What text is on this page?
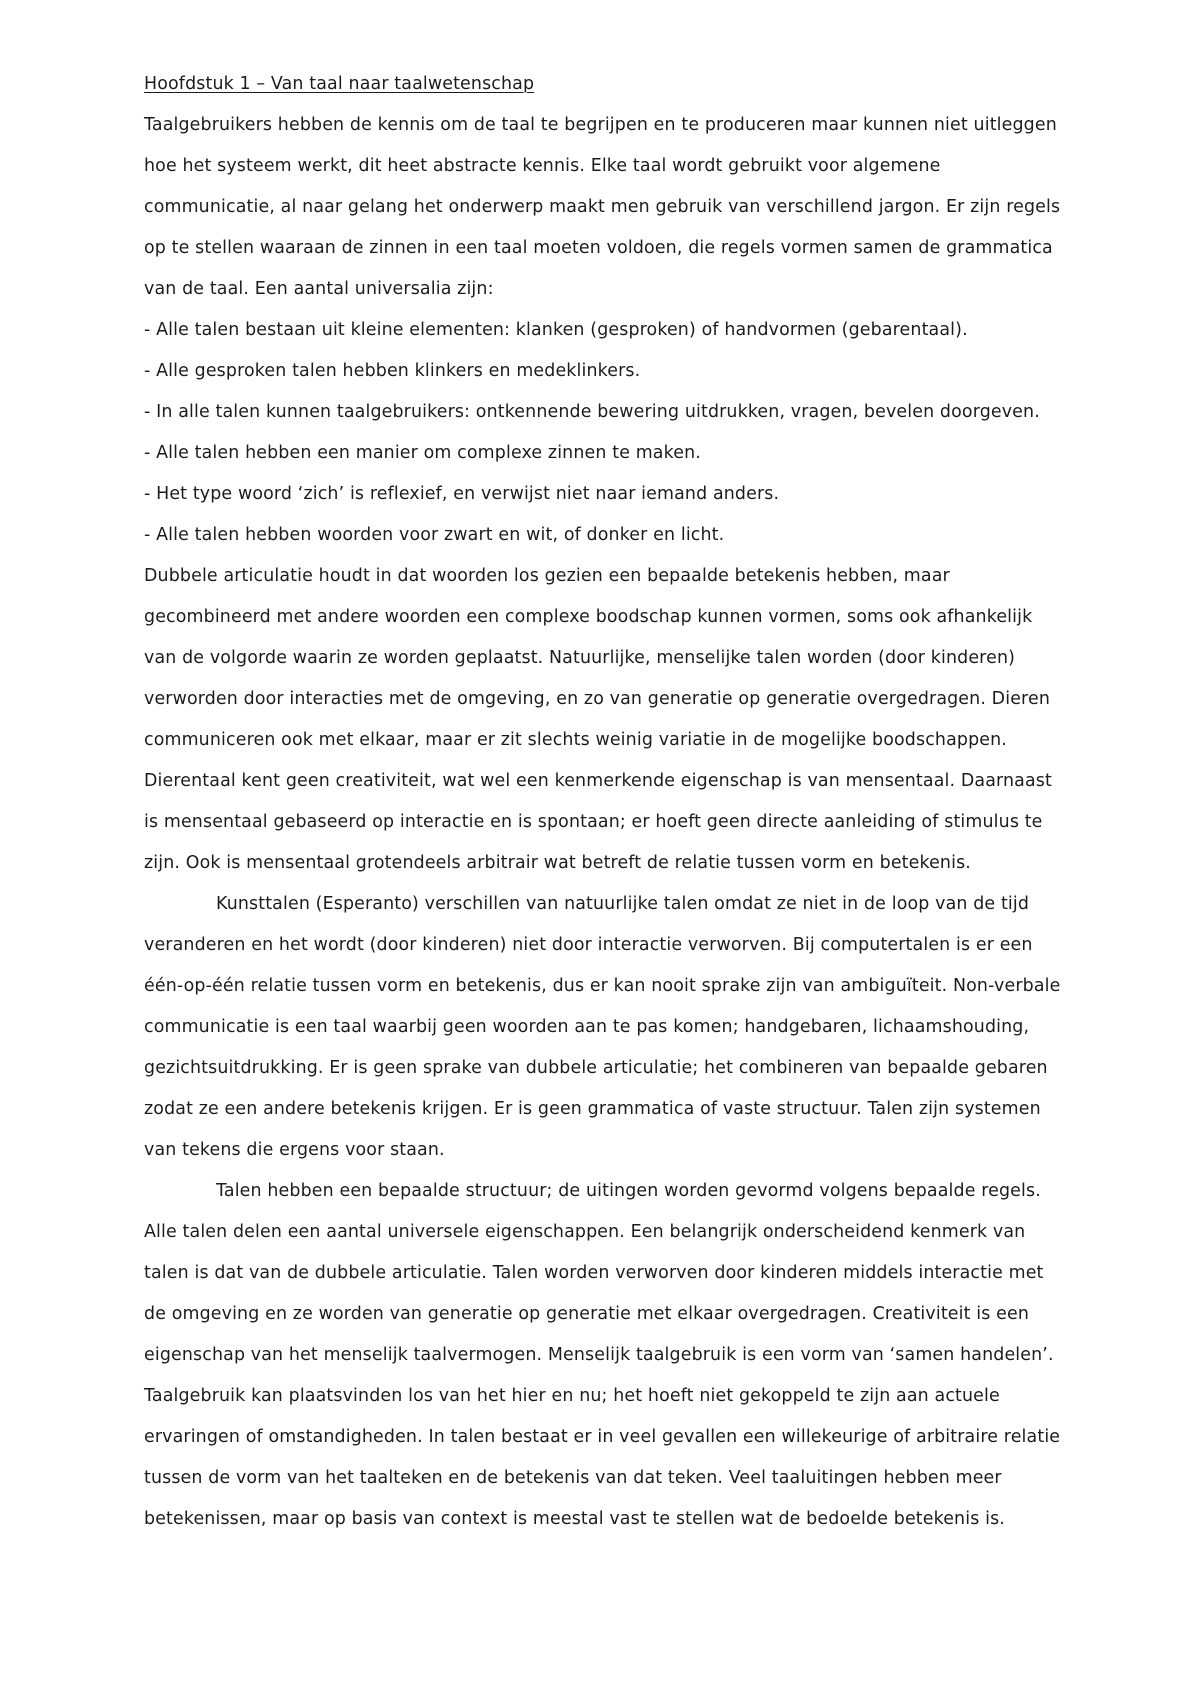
Hoofdstuk 1 – Van taal naar taalwetenschap

Taalgebruikers hebben de kennis om de taal te begrijpen en te produceren maar kunnen niet uitleggen hoe het systeem werkt, dit heet abstracte kennis. Elke taal wordt gebruikt voor algemene communicatie, al naar gelang het onderwerp maakt men gebruik van verschillend jargon. Er zijn regels op te stellen waaraan de zinnen in een taal moeten voldoen, die regels vormen samen de grammatica van de taal. Een aantal universalia zijn:

- Alle talen bestaan uit kleine elementen: klanken (gesproken) of handvormen (gebarentaal).
- Alle gesproken talen hebben klinkers en medeklinkers.
- In alle talen kunnen taalgebruikers: ontkennende bewering uitdrukken, vragen, bevelen doorgeven.
- Alle talen hebben een manier om complexe zinnen te maken.
- Het type woord ‘zich’ is reflexief, en verwijst niet naar iemand anders.
- Alle talen hebben woorden voor zwart en wit, of donker en licht.

Dubbele articulatie houdt in dat woorden los gezien een bepaalde betekenis hebben, maar gecombineerd met andere woorden een complexe boodschap kunnen vormen, soms ook afhankelijk van de volgorde waarin ze worden geplaatst. Natuurlijke, menselijke talen worden (door kinderen) verworden door interacties met de omgeving, en zo van generatie op generatie overgedragen. Dieren communiceren ook met elkaar, maar er zit slechts weinig variatie in de mogelijke boodschappen. Dierentaal kent geen creativiteit, wat wel een kenmerkende eigenschap is van mensentaal. Daarnaast is mensentaal gebaseerd op interactie en is spontaan; er hoeft geen directe aanleiding of stimulus te zijn. Ook is mensentaal grotendeels arbitrair wat betreft de relatie tussen vorm en betekenis.

Kunsttalen (Esperanto) verschillen van natuurlijke talen omdat ze niet in de loop van de tijd veranderen en het wordt (door kinderen) niet door interactie verworven. Bij computertalen is er een één-op-één relatie tussen vorm en betekenis, dus er kan nooit sprake zijn van ambiguïteit. Non-verbale communicatie is een taal waarbij geen woorden aan te pas komen; handgebaren, lichaamshouding, gezichtsuitdrukking. Er is geen sprake van dubbele articulatie; het combineren van bepaalde gebaren zodat ze een andere betekenis krijgen. Er is geen grammatica of vaste structuur. Talen zijn systemen van tekens die ergens voor staan.

Talen hebben een bepaalde structuur; de uitingen worden gevormd volgens bepaalde regels. Alle talen delen een aantal universele eigenschappen. Een belangrijk onderscheidend kenmerk van talen is dat van de dubbele articulatie. Talen worden verworven door kinderen middels interactie met de omgeving en ze worden van generatie op generatie met elkaar overgedragen. Creativiteit is een eigenschap van het menselijk taalvermogen. Menselijk taalgebruik is een vorm van ‘samen handelen’. Taalgebruik kan plaatsvinden los van het hier en nu; het hoeft niet gekoppeld te zijn aan actuele ervaringen of omstandigheden. In talen bestaat er in veel gevallen een willekeurige of arbitraire relatie tussen de vorm van het taalteken en de betekenis van dat teken. Veel taaluitingen hebben meer betekenissen, maar op basis van context is meestal vast te stellen wat de bedoelde betekenis is.
